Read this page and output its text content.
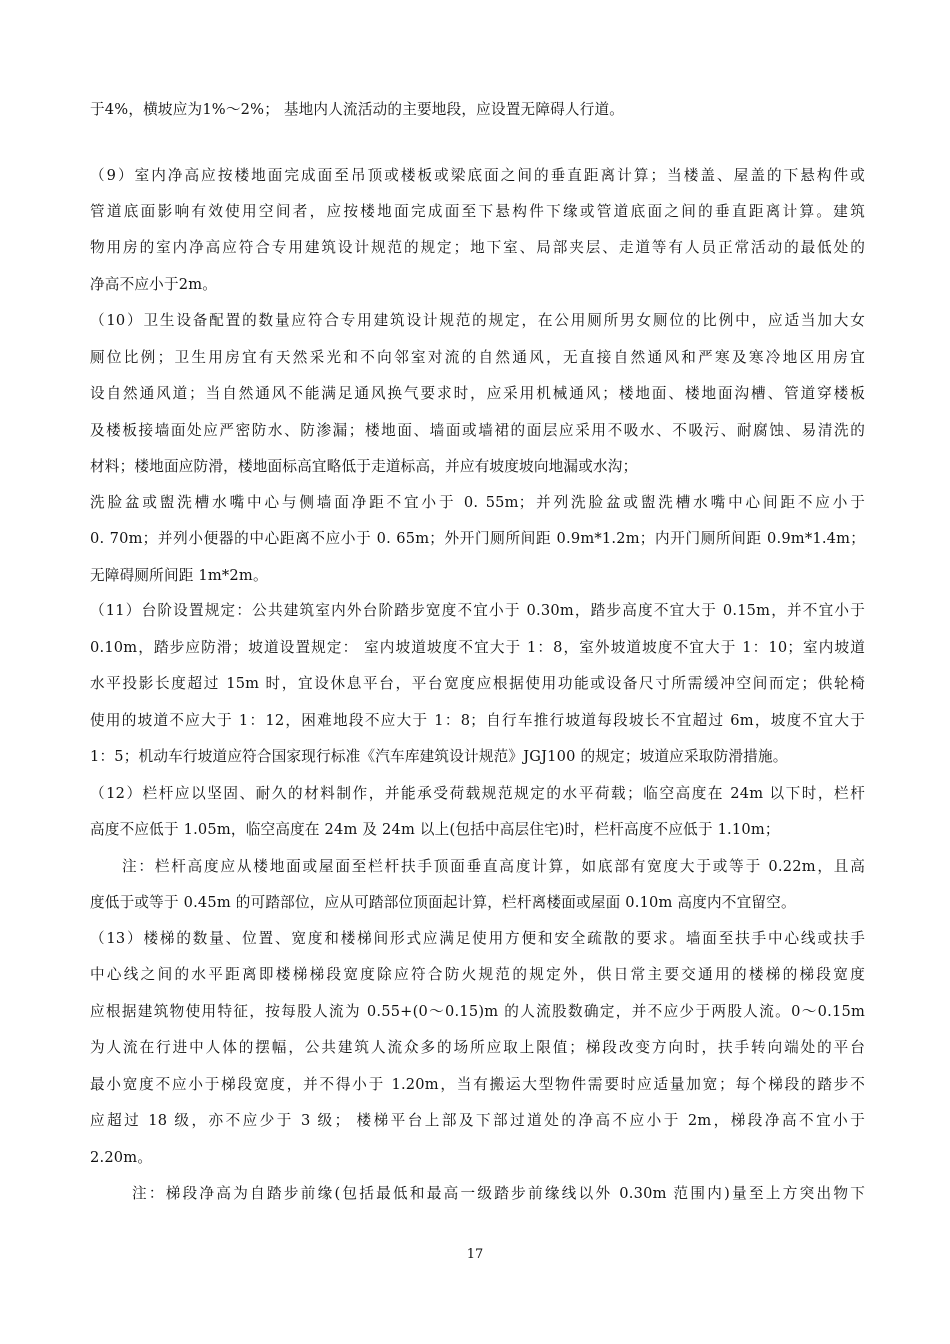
于4%，横坡应为1%～2%； 基地内人流活动的主要地段，应设置无障碍人行道。
（9）室内净高应按楼地面完成面至吊顶或楼板或梁底面之间的垂直距离计算；当楼盖、屋盖的下悬构件或
管道底面影响有效使用空间者，应按楼地面完成面至下悬构件下缘或管道底面之间的垂直距离计算。建筑
物用房的室内净高应符合专用建筑设计规范的规定；地下室、局部夹层、走道等有人员正常活动的最低处的
净高不应小于2m。
（10）卫生设备配置的数量应符合专用建筑设计规范的规定，在公用厕所男女厕位的比例中，应适当加大女
厕位比例；卫生用房宜有天然采光和不向邻室对流的自然通风，无直接自然通风和严寒及寒冷地区用房宜
设自然通风道；当自然通风不能满足通风换气要求时，应采用机械通风；楼地面、楼地面沟槽、管道穿楼板
及楼板接墙面处应严密防水、防渗漏；楼地面、墙面或墙裙的面层应采用不吸水、不吸污、耐腐蚀、易清洗的
材料；楼地面应防滑，楼地面标高宜略低于走道标高，并应有坡度坡向地漏或水沟；
洗脸盆或盥洗槽水嘴中心与侧墙面净距不宜小于 0. 55m；并列洗脸盆或盥洗槽水嘴中心间距不应小于
0. 70m；并列小便器的中心距离不应小于 0. 65m；外开门厕所间距 0.9m*1.2m；内开门厕所间距 0.9m*1.4m；
无障碍厕所间距 1m*2m。
（11）台阶设置规定：公共建筑室内外台阶踏步宽度不宜小于 0.30m，踏步高度不宜大于 0.15m，并不宜小于
0.10m，踏步应防滑；坡道设置规定： 室内坡道坡度不宜大于 1：8，室外坡道坡度不宜大于 1：10；室内坡道
水平投影长度超过 15m 时，宜设休息平台，平台宽度应根据使用功能或设备尺寸所需缓冲空间而定；供轮椅
使用的坡道不应大于 1：12，困难地段不应大于 1：8；自行车推行坡道每段坡长不宜超过 6m，坡度不宜大于
1：5；机动车行坡道应符合国家现行标准《汽车库建筑设计规范》JGJ100 的规定；坡道应采取防滑措施。
（12）栏杆应以坚固、耐久的材料制作，并能承受荷载规范规定的水平荷载；临空高度在 24m 以下时，栏杆
高度不应低于 1.05m，临空高度在 24m 及 24m 以上(包括中高层住宅)时，栏杆高度不应低于 1.10m；
注：栏杆高度应从楼地面或屋面至栏杆扶手顶面垂直高度计算，如底部有宽度大于或等于 0.22m，且高
度低于或等于 0.45m 的可踏部位，应从可踏部位顶面起计算，栏杆离楼面或屋面 0.10m 高度内不宜留空。
（13）楼梯的数量、位置、宽度和楼梯间形式应满足使用方便和安全疏散的要求。墙面至扶手中心线或扶手
中心线之间的水平距离即楼梯梯段宽度除应符合防火规范的规定外，供日常主要交通用的楼梯的梯段宽度
应根据建筑物使用特征，按每股人流为 0.55+(0～0.15)m 的人流股数确定，并不应少于两股人流。0～0.15m
为人流在行进中人体的摆幅，公共建筑人流众多的场所应取上限值；梯段改变方向时，扶手转向端处的平台
最小宽度不应小于梯段宽度，并不得小于 1.20m，当有搬运大型物件需要时应适量加宽；每个梯段的踏步不
应超过 18 级，亦不应少于 3 级； 楼梯平台上部及下部过道处的净高不应小于 2m，梯段净高不宜小于
2.20m。
注：梯段净高为自踏步前缘(包括最低和最高一级踏步前缘线以外 0.30m 范围内)量至上方突出物下
17
